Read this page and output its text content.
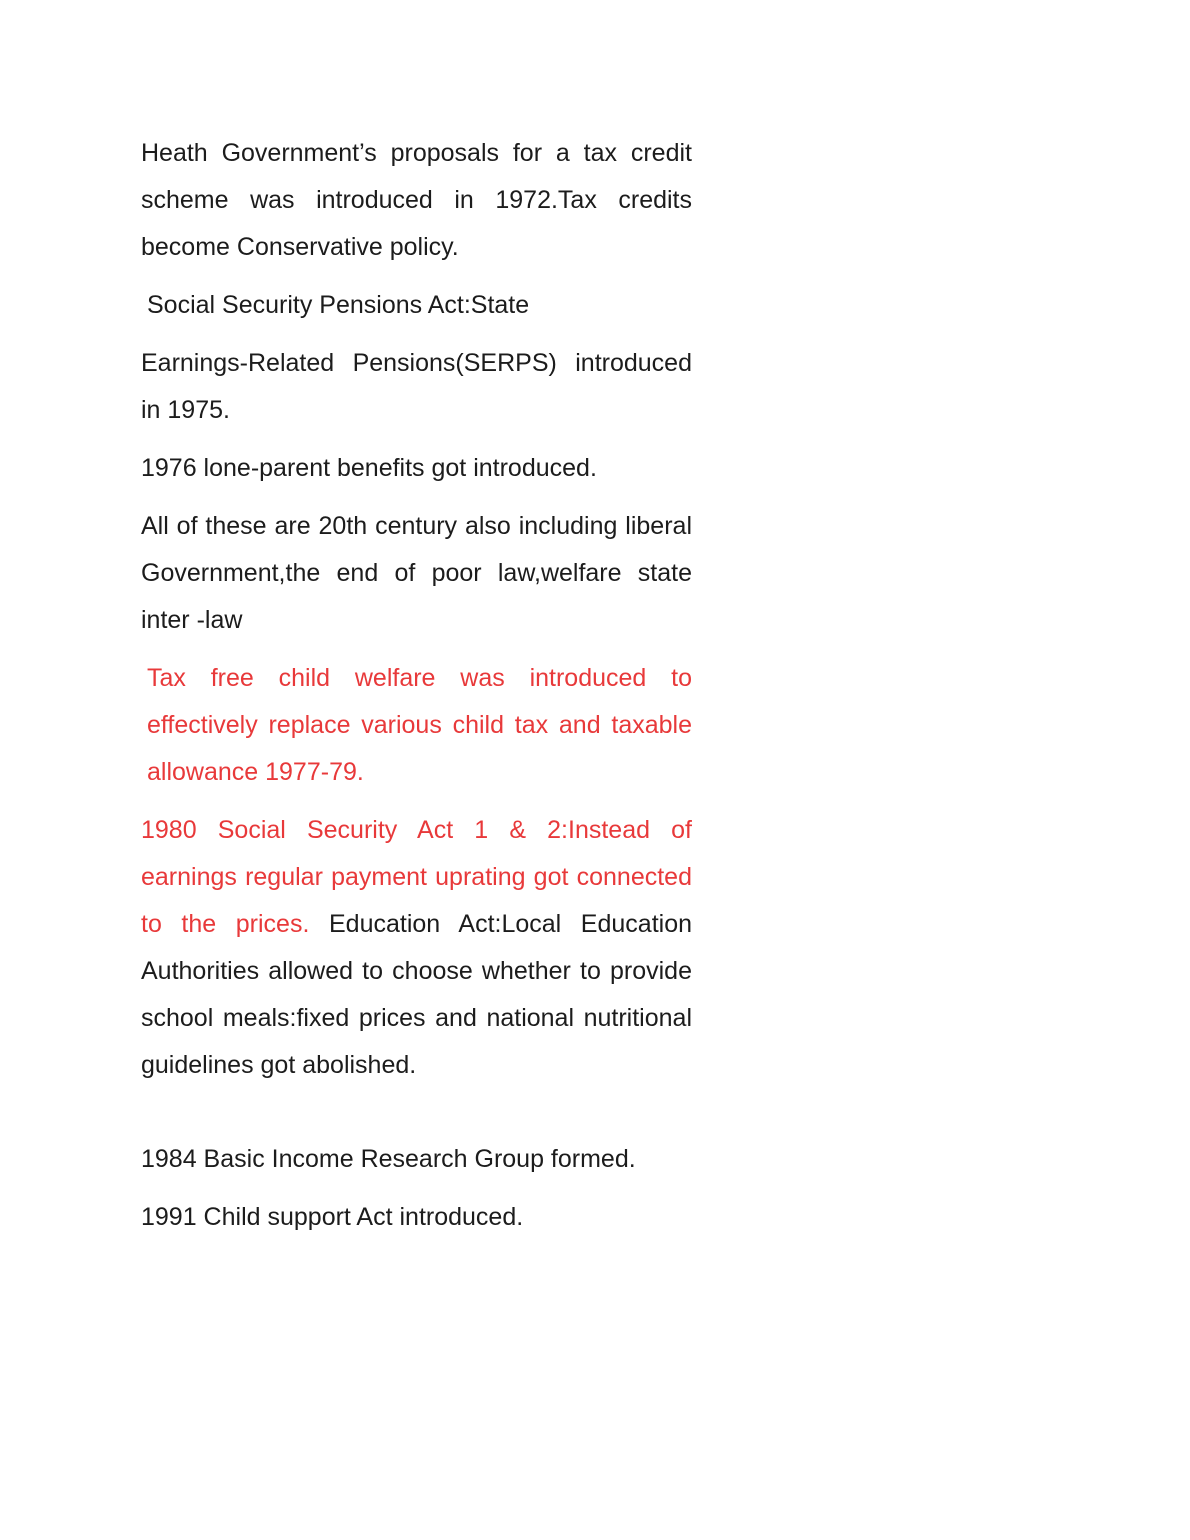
Heath Government’s proposals for a tax credit scheme was introduced in 1972.Tax credits become Conservative policy.

Social Security Pensions Act:State

Earnings-Related Pensions(SERPS) introduced in 1975.

1976 lone-parent benefits got introduced.

All of these are 20th century also including liberal Government,the end of poor law,welfare state inter -law

Tax free child welfare was introduced to effectively replace various child tax and taxable allowance 1977-79.

1980 Social Security Act 1 & 2:Instead of earnings regular payment uprating got connected to the prices. Education Act:Local Education Authorities allowed to choose whether to provide school meals:fixed prices and national nutritional guidelines got abolished.

1984 Basic Income Research Group formed.

1991 Child support Act introduced.
